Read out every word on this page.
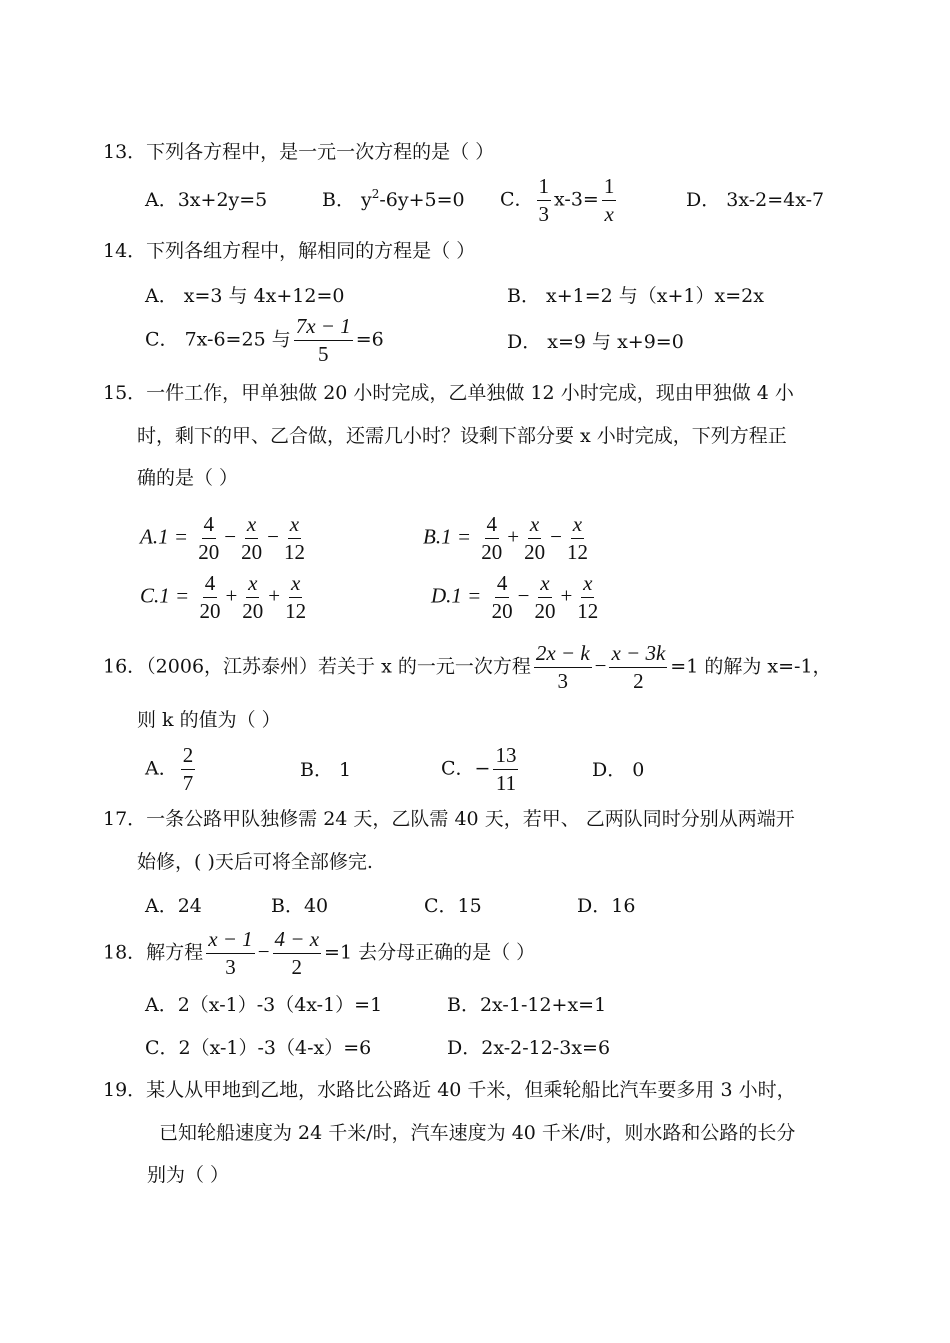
13．下列各方程中，是一元一次方程的是（ ）
A．3x+2y=5	B． $y^2-6y+5=0$ C． $\frac{1}{3} x-3= \frac{1}{x}$	D． 3x-2=4x-7
14．下列各组方程中，解相同的方程是（ ）
A． x=3 与 4x+12=0	B． x+1=2 与（x+1）x=2x
C． 7x-6=25 与 $\frac{7x - 1}{5} =6$	D． x=9 与 x+9=0
15．一件工作，甲单独做 20 小时完成，乙单独做 12 小时完成，现由甲独做 4 小
时，剩下的甲、乙合做，还需几小时？设剩下部分要 x 小时完成，下列方程正
确的是（ ）
$A.1 = \frac{4}{20} - \frac{x}{20} - \frac{x}{12}$	$B.1 = \frac{4}{20} + \frac{x}{20} - \frac{x}{12}$
$C.1 = \frac{4}{20} + \frac{x}{20} + \frac{x}{12}$	$D.1 = \frac{4}{20} - \frac{x}{20} + \frac{x}{12}$
16．（2006，江苏泰州）若关于 x 的一元一次方程 $\frac{2x - k}{3} - \frac{x - 3k}{2} =1$ 的解为 x=-1，
则 k 的值为（ ）
A． $\frac{2}{7}$	B． 1	C．− $\frac{13}{11}$	D． 0
17．一条公路甲队独修需 24 天，乙队需 40 天，若甲、 乙两队同时分别从两端开
始修，( )天后可将全部修完.
A．24	B．40	C．15	D．16
18．解方程 $\frac{x - 1}{3} - \frac{4 - x}{2} =1$ 去分母正确的是（ ）
A．2（x-1）-3（4x-1）=1	B．2x-1-12+x=1
C．2（x-1）-3（4-x）=6	D．2x-2-12-3x=6
19．某人从甲地到乙地，水路比公路近 40 千米，但乘轮船比汽车要多用 3 小时，
已知轮船速度为 24 千米/时，汽车速度为 40 千米/时，则水路和公路的长分
别为（ ）
